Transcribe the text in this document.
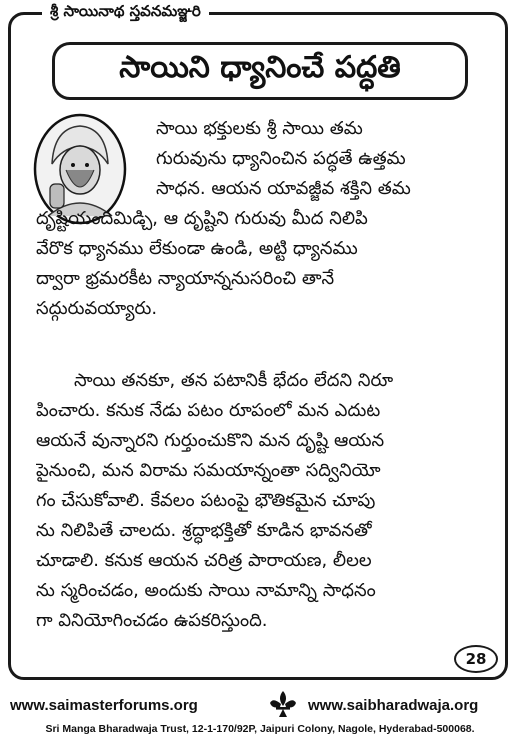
శ్రీ సాయినాథ స్తవనమఞ్జరి
సాయిని ధ్యానించే పద్ధతి
సాయి భక్తులకు శ్రీ సాయి తమ
గురువును ధ్యానించిన పద్ధతే ఉత్తమ
సాధన. ఆయన యావజ్జీవ శక్తిని తమ
దృష్టియందిమిడ్చి, ఆ దృష్టిని గురువు మీద నిలిపి
వేరొక ధ్యానము లేకుండా ఉండి, అట్టి ధ్యానము
ద్వారా భ్రమరకీట న్యాయాన్ననుసరించి తానే
సద్గురువయ్యారు.
సాయి తనకూ, తన పటానికీ భేదం లేదని నిరూ
పించారు. కనుక నేడు పటం రూపంలో మన ఎదుట
ఆయనే వున్నారని గుర్తుంచుకొని మన దృష్టి ఆయన
పైనుంచి, మన విరామ సమయాన్నంతా సద్వినియో
గం చేసుకోవాలి. కేవలం పటంపై భౌతికమైన చూపు
ను నిలిపితే చాలదు. శ్రద్ధాభక్తితో కూడిన భావనతో
చూడాలి. కనుక ఆయన చరిత్ర పారాయణ, లీలల
ను స్మరించడం, అందుకు సాయి నామాన్ని సాధనం
గా వినియోగించడం ఉపకరిస్తుంది.
28
www.saimasterforums.org	www.saibharadwaja.org
Sri Manga Bharadwaja Trust, 12-1-170/92P, Jaipuri Colony, Nagole, Hyderabad-500068.
